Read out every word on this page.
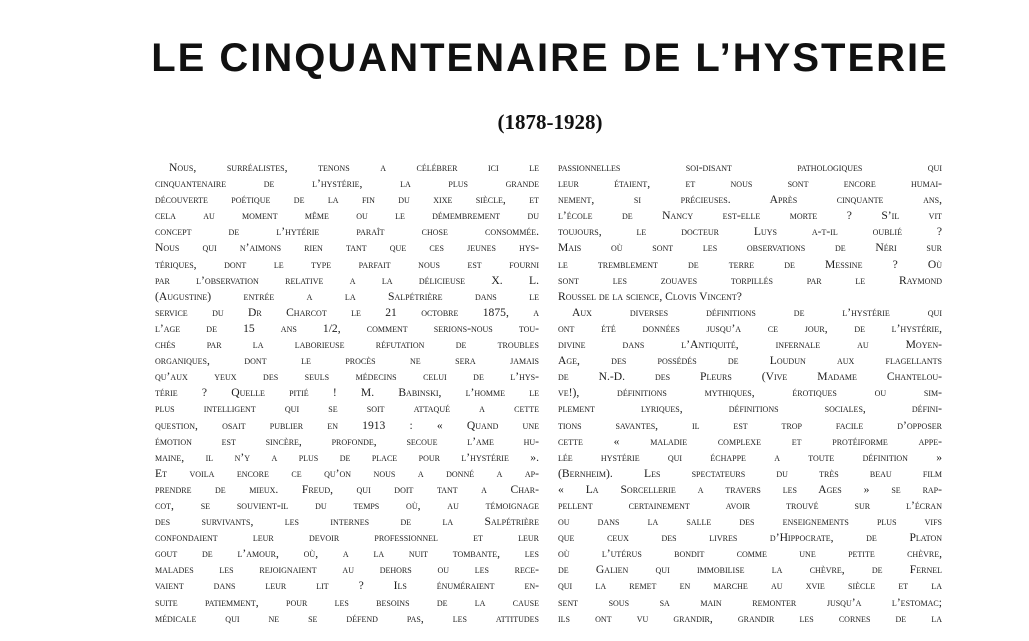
LE CINQUANTENAIRE DE L’HYSTERIE
(1878-1928)
Nous, surréalistes, tenons a célébrer ici le
cinquantenaire de l’hystérie, la plus grande
découverte poétique de la fin du xixe siècle, et
cela au moment même ou le démembrement du
concept de l’hytérie paraît chose consommée.
Nous qui n’aimons rien tant que ces jeunes hys-
tériques, dont le type parfait nous est fourni
par l’observation relative a la délicieuse X. L.
(Augustine) entrée a la Salpétrière dans le
service du Dr Charcot le 21 octobre 1875, a
l’age de 15 ans 1/2, comment serions-nous tou-
chés par la laborieuse réfutation de troubles
organiques, dont le procès ne sera jamais
qu’aux yeux des seuls médecins celui de l’hys-
térie ? Quelle pitié ! M. Babinski, l’homme le
plus intelligent qui se soit attaqué a cette
question, osait publier en 1913 : « Quand une
émotion est sincère, profonde, secoue l’ame hu-
maine, il n’y a plus de place pour l’hystérie ».
Et voila encore ce qu’on nous a donné a ap-
prendre de mieux. Freud, qui doit tant a Char-
cot, se souvient-il du temps où, au témoignage
des survivants, les internes de la Salpétrière
confondaient leur devoir professionnel et leur
gout de l’amour, où, a la nuit tombante, les
malades les rejoignaient au dehors ou les rece-
vaient dans leur lit ? Ils énuméraient en-
suite patiemment, pour les besoins de la cause
médicale qui ne se défend pas, les attitudes
passionnelles soi-disant pathologiques qui
leur étaient, et nous sont encore humai-
nement, si précieuses. Après cinquante ans,
l’école de Nancy est-elle morte ? S’il vit
toujours, le docteur Luys a-t-il oublié ?
Mais où sont les observations de Néri sur
le tremblement de terre de Messine ? Où
sont les zouaves torpillés par le Raymond
Roussel de la science, Clovis Vincent?
Aux diverses définitions de l’hystérie qui
ont été données jusqu’a ce jour, de l’hystérie,
divine dans l’Antiquité, infernale au Moyen-
Age, des possédés de Loudun aux flagellants
de N.-D. des Pleurs (Vive Madame Chantelou-
ve!), définitions mythiques, érotiques ou sim-
plement lyriques, définitions sociales, défini-
tions savantes, il est trop facile d’opposer
cette « maladie complexe et protéiforme appe-
lée hystérie qui échappe a toute définition »
(Bernheim). Les spectateurs du très beau film
« La Sorcellerie a travers les Ages » se rap-
pellent certainement avoir trouvé sur l’écran
ou dans la salle des enseignements plus vifs
que ceux des livres d’Hippocrate, de Platon
où l’utérus bondit comme une petite chèvre,
de Galien qui immobilise la chèvre, de Fernel
qui la remet en marche au xvie siècle et la
sent sous sa main remonter jusqu’a l’estomac;
ils ont vu grandir, grandir les cornes de la
